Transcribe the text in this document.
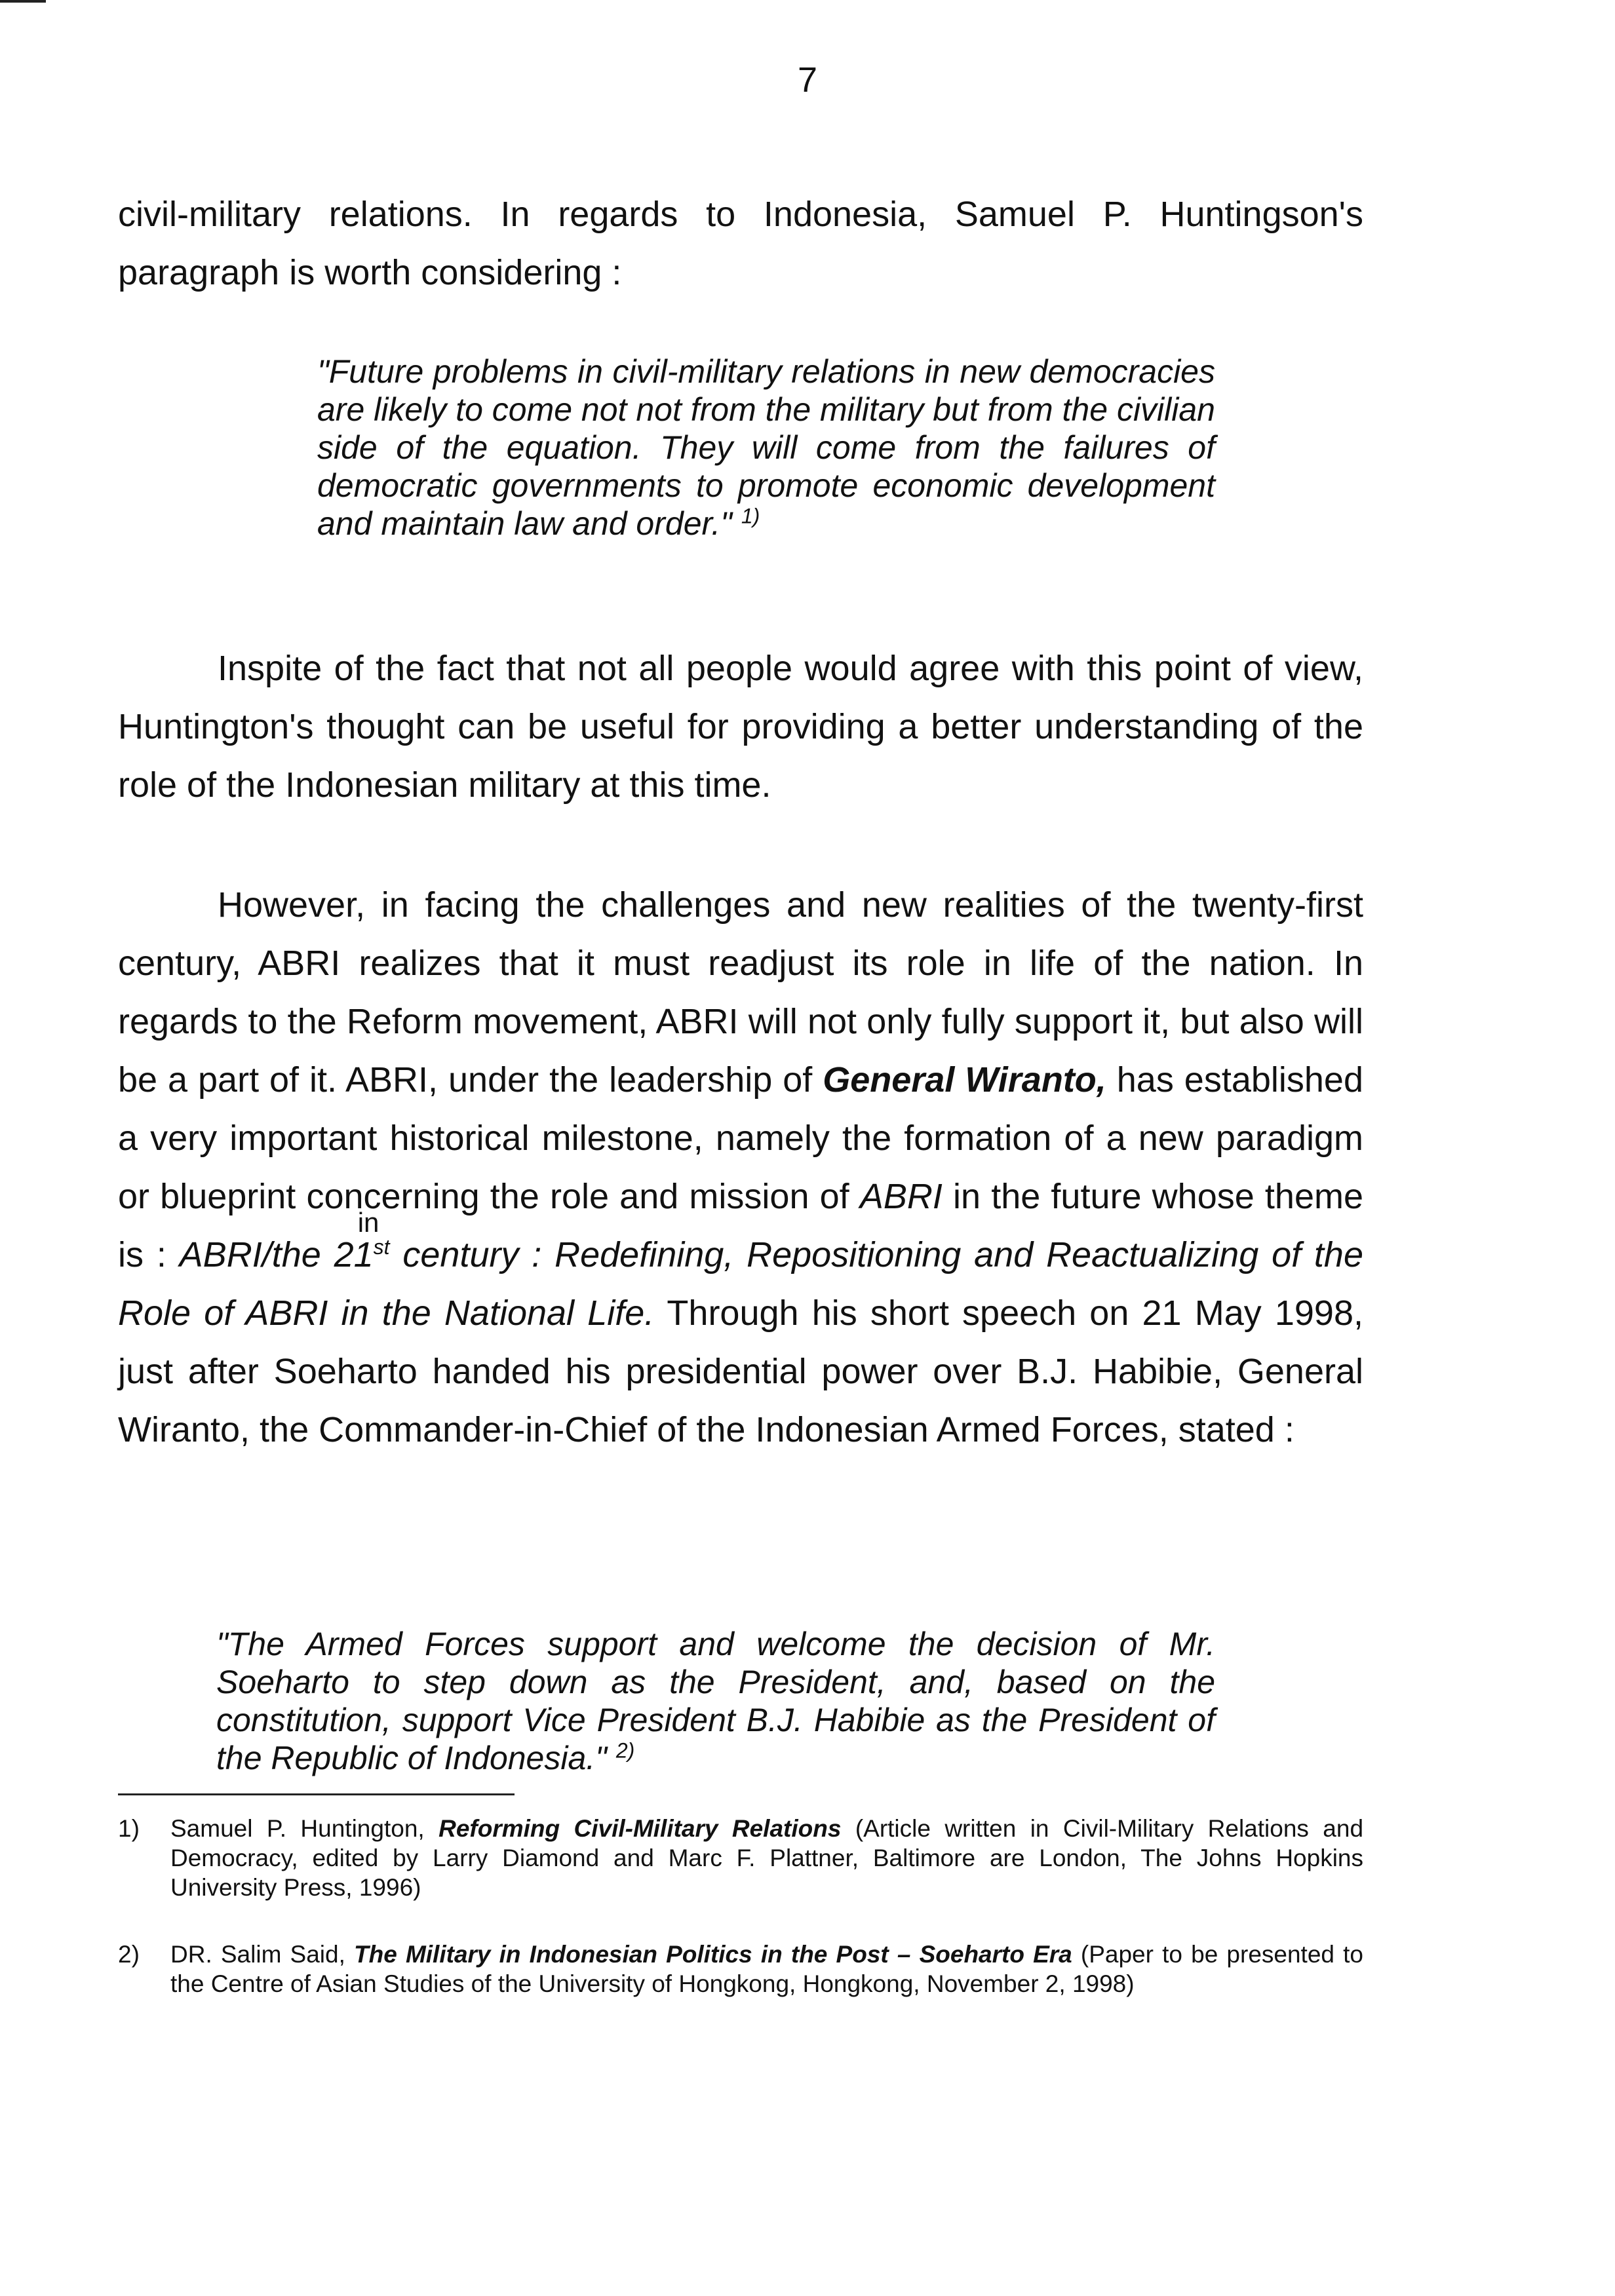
7

civil-military relations. In regards to Indonesia, Samuel P. Huntingson's paragraph is worth considering :

"Future problems in civil-military relations in new democracies are likely to come not not from the military but from the civilian side of the equation. They will come from the failures of democratic governments to promote economic development and maintain law and order." $^{1)}$

Inspite of the fact that not all people would agree with this point of view, Huntington's thought can be useful for providing a better understanding of the role of the Indonesian military at this time.

However, in facing the challenges and new realities of the twenty-first century, ABRI realizes that it must readjust its role in life of the nation. In regards to the Reform movement, ABRI will not only fully support it, but also will be a part of it. ABRI, under the leadership of General Wiranto, has established a very important historical milestone, namely the formation of a new paradigm or blueprint concerning the role and mission of ABRI in the future whose theme is : ABRI
in
/the 21st century : Redefining, Repositioning and Reactualizing of the Role of ABRI in the National Life. Through his short speech on 21 May 1998, just after Soeharto handed his presidential power over B.J. Habibie, General Wiranto, the Commander-in-Chief of the Indonesian Armed Forces, stated :

"The Armed Forces support and welcome the decision of Mr. Soeharto to step down as the President, and, based on the constitution, support Vice President B.J. Habibie as the President of the Republic of Indonesia." $^{2)}$

1)	Samuel P. Huntington, Reforming Civil-Military Relations (Article written in Civil-Military Relations and Democracy, edited by Larry Diamond and Marc F. Plattner, Baltimore are London, The Johns Hopkins University Press, 1996)
2)	DR. Salim Said, The Military in Indonesian Politics in the Post – Soeharto Era (Paper to be presented to the Centre of Asian Studies of the University of Hongkong, Hongkong, November 2, 1998)
